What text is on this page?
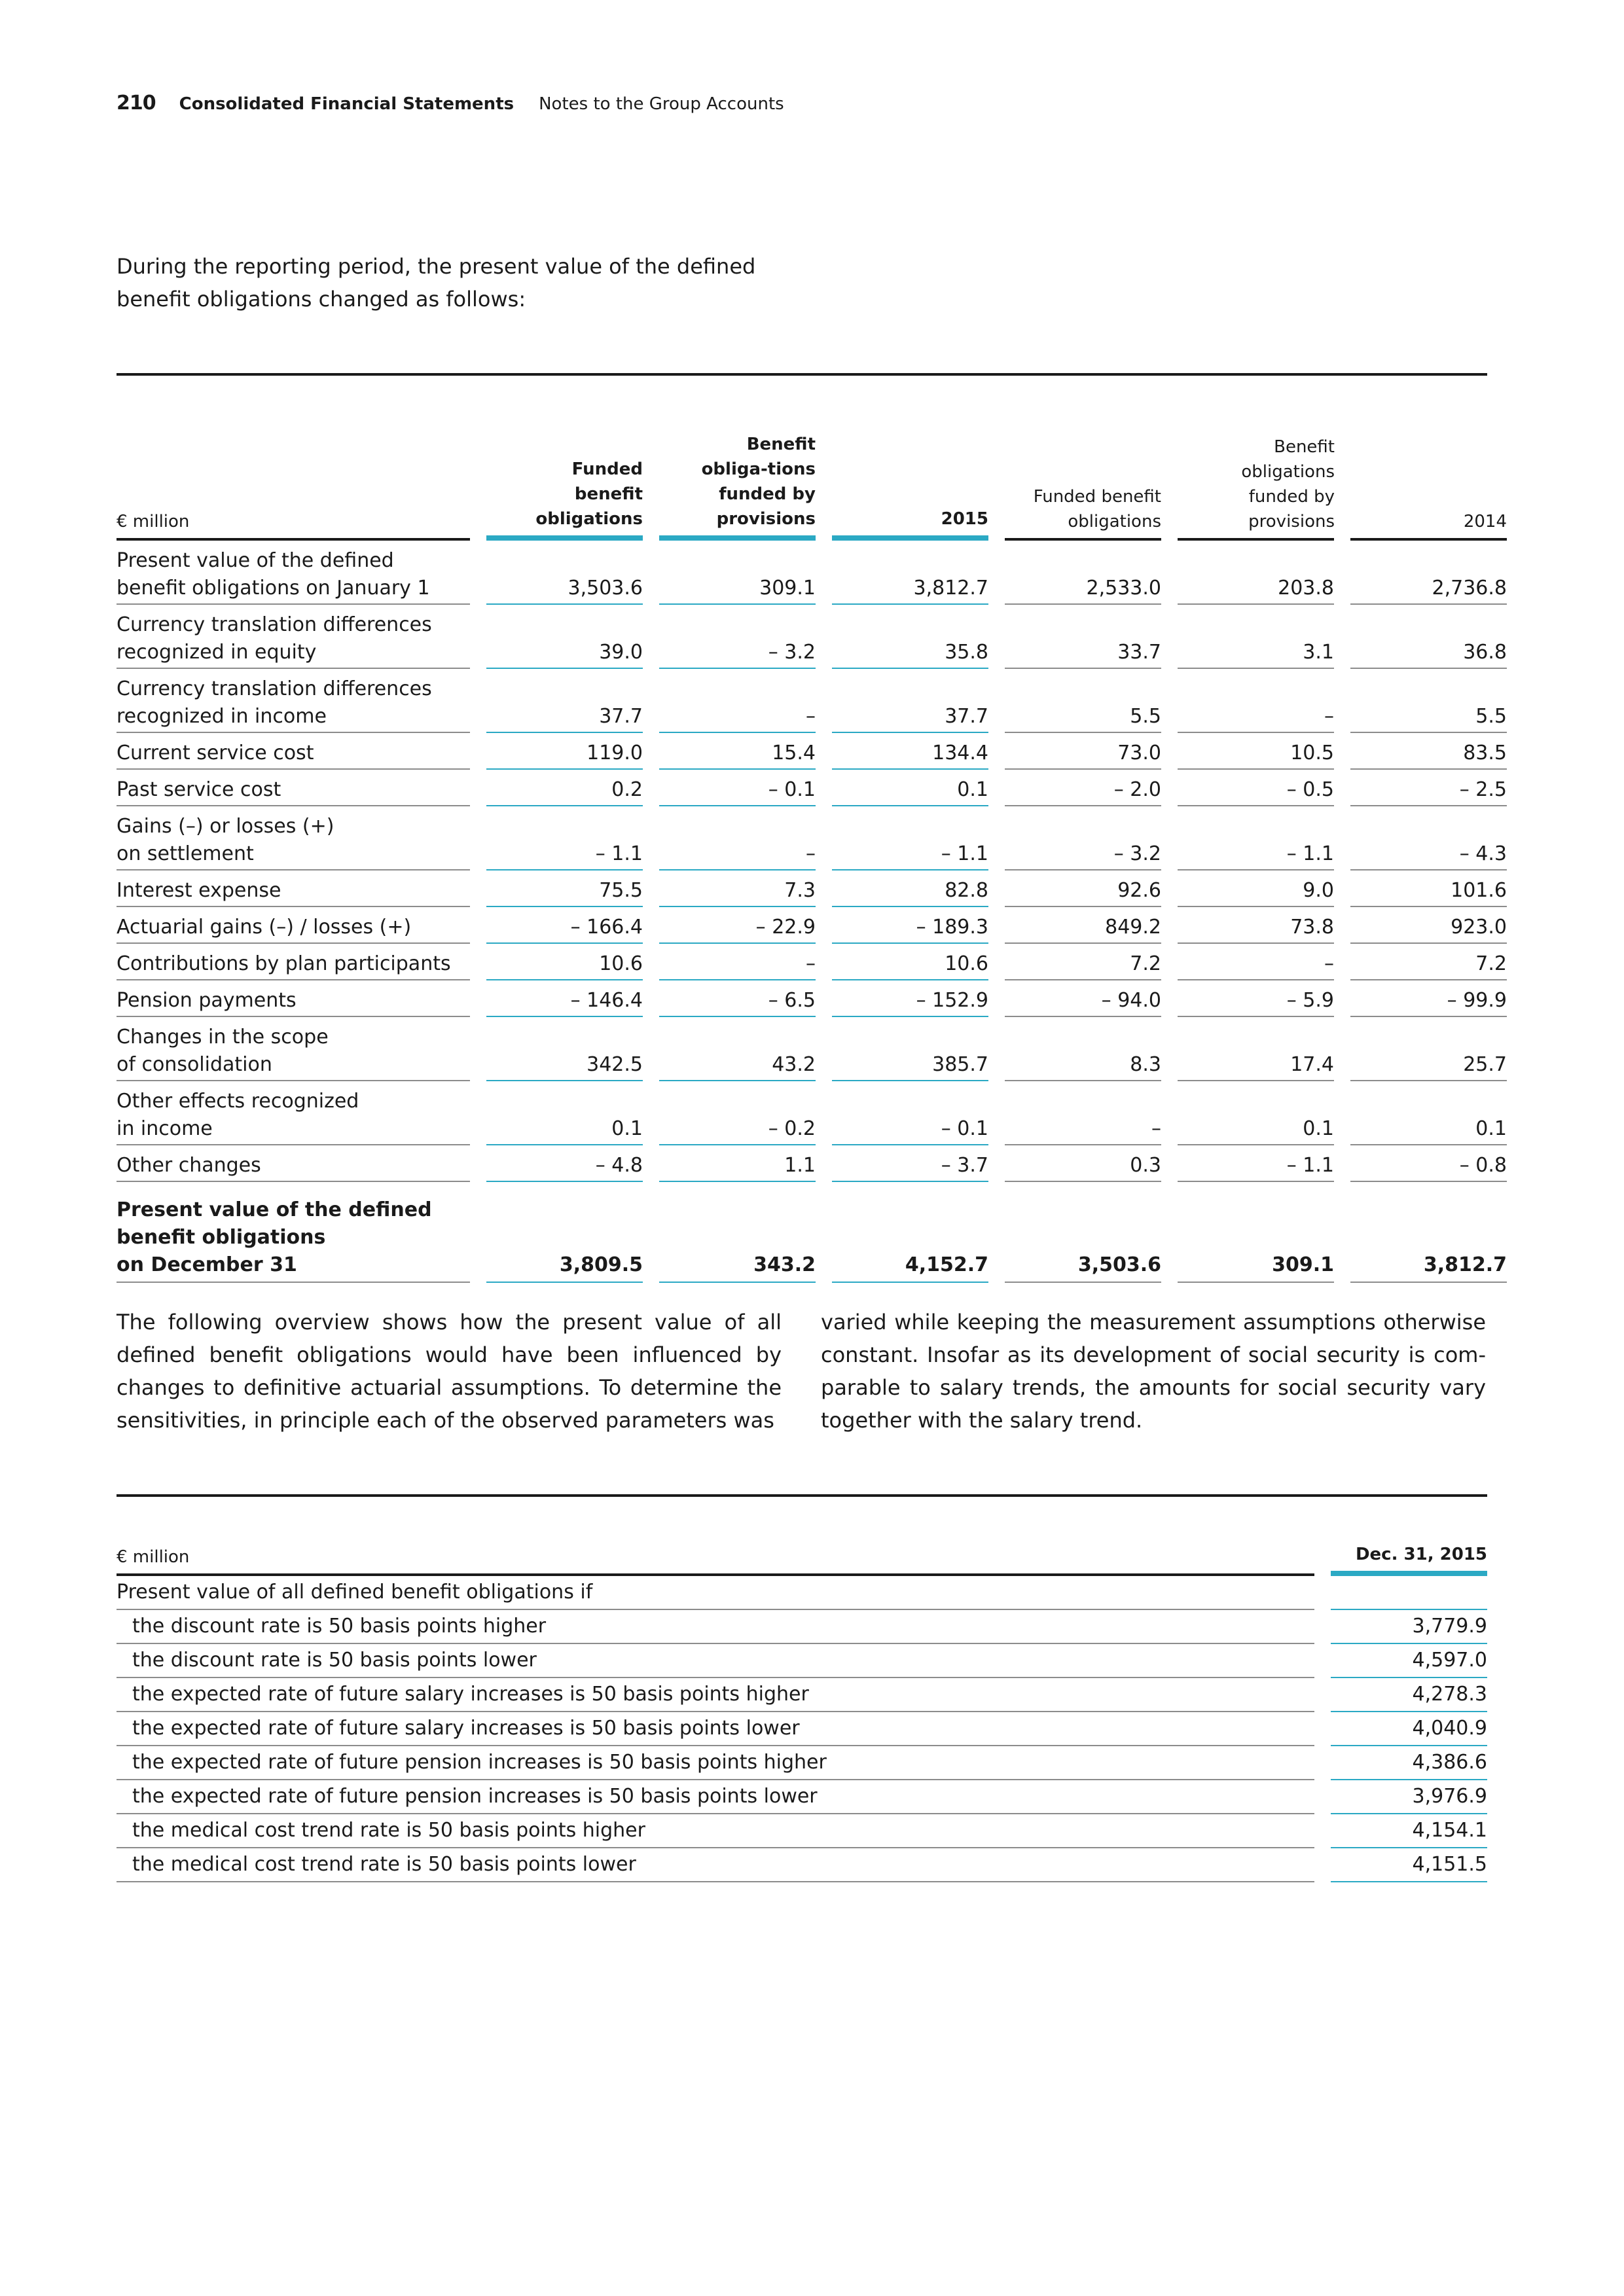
210 Consolidated Financial Statements Notes to the Group Accounts

During the reporting period, the present value of the defined benefit obligations changed as follows:

€ million		Funded benefit obligations		Benefit obliga-tions funded by provisions		2015		Funded benefit obligations		Benefit obligations funded by provisions		2014
Present value of the defined
benefit obligations on January 1		3,503.6		309.1		3,812.7		2,533.0		203.8		2,736.8
Currency translation differences
recognized in equity		39.0		– 3.2		35.8		33.7		3.1		36.8
Currency translation differences
recognized in income		37.7		–		37.7		5.5		–		5.5
Current service cost		119.0		15.4		134.4		73.0		10.5		83.5
Past service cost		0.2		– 0.1		0.1		– 2.0		– 0.5		– 2.5
Gains (–) or losses (+)
on settlement		– 1.1		–		– 1.1		– 3.2		– 1.1		– 4.3
Interest expense		75.5		7.3		82.8		92.6		9.0		101.6
Actuarial gains (–) / losses (+)		– 166.4		– 22.9		– 189.3		849.2		73.8		923.0
Contributions by plan participants		10.6		–		10.6		7.2		–		7.2
Pension payments		– 146.4		– 6.5		– 152.9		– 94.0		– 5.9		– 99.9
Changes in the scope
of consolidation		342.5		43.2		385.7		8.3		17.4		25.7
Other effects recognized
in income		0.1		– 0.2		– 0.1		–		0.1		0.1
Other changes		– 4.8		1.1		– 3.7		0.3		– 1.1		– 0.8
Present value of the defined
benefit obligations
on December 31		3,809.5		343.2		4,152.7		3,503.6		309.1		3,812.7

The following overview shows how the present value of all defined benefit obligations would have been influenced by changes to definitive actuarial assumptions. To determine the sensitivities, in principle each of the observed parameters was

varied while keeping the measurement assumptions otherwise constant. Insofar as its development of social security is com-parable to salary trends, the amounts for social security vary together with the salary trend.

€ million		Dec. 31, 2015
Present value of all defined benefit obligations if		
the discount rate is 50 basis points higher		3,779.9
the discount rate is 50 basis points lower		4,597.0
the expected rate of future salary increases is 50 basis points higher		4,278.3
the expected rate of future salary increases is 50 basis points lower		4,040.9
the expected rate of future pension increases is 50 basis points higher		4,386.6
the expected rate of future pension increases is 50 basis points lower		3,976.9
the medical cost trend rate is 50 basis points higher		4,154.1
the medical cost trend rate is 50 basis points lower		4,151.5
